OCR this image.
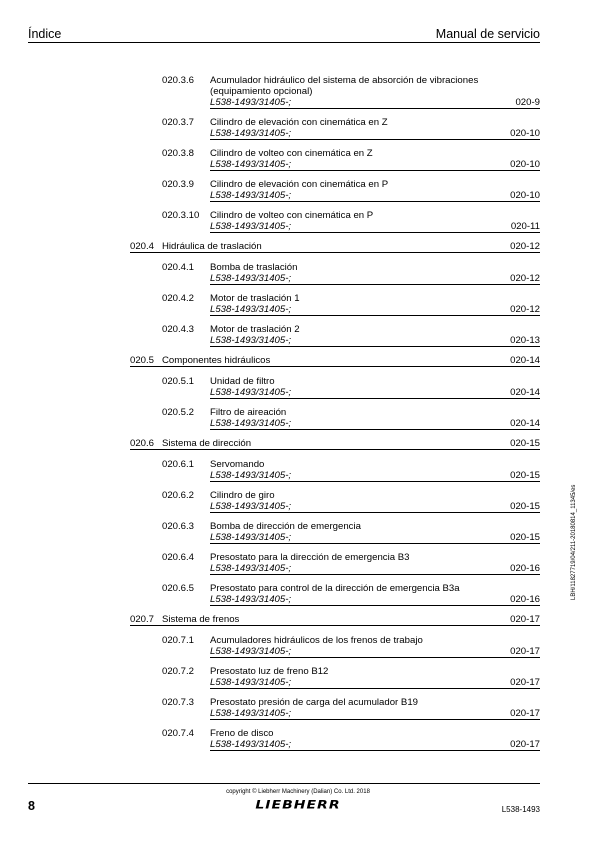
Índice	Manual de servicio
020.3.6 Acumulador hidráulico del sistema de absorción de vibraciones
(equipamiento opcional)
L538-1493/31405-;	020-9
020.3.7 Cilindro de elevación con cinemática en Z
L538-1493/31405-;	020-10
020.3.8 Cilindro de volteo con cinemática en Z
L538-1493/31405-;	020-10
020.3.9 Cilindro de elevación con cinemática en P
L538-1493/31405-;	020-10
020.3.10 Cilindro de volteo con cinemática en P
L538-1493/31405-;	020-11
020.4 Hidráulica de traslación	020-12
020.4.1 Bomba de traslación
L538-1493/31405-;	020-12
020.4.2 Motor de traslación 1
L538-1493/31405-;	020-12
020.4.3 Motor de traslación 2
L538-1493/31405-;	020-13
020.5 Componentes hidráulicos	020-14
020.5.1 Unidad de filtro
L538-1493/31405-;	020-14
020.5.2 Filtro de aireación
L538-1493/31405-;	020-14
020.6 Sistema de dirección	020-15
020.6.1 Servomando
L538-1493/31405-;	020-15
020.6.2 Cilindro de giro
L538-1493/31405-;	020-15
020.6.3 Bomba de dirección de emergencia
L538-1493/31405-;	020-15
020.6.4 Presostato para la dirección de emergencia B3
L538-1493/31405-;	020-16
020.6.5 Presostato para control de la dirección de emergencia B3a
L538-1493/31405-;	020-16
020.7 Sistema de frenos	020-17
020.7.1 Acumuladores hidráulicos de los frenos de trabajo
L538-1493/31405-;	020-17
020.7.2 Presostato luz de freno B12
L538-1493/31405-;	020-17
020.7.3 Presostato presión de carga del acumulador B19
L538-1493/31405-;	020-17
020.7.4 Freno de disco
L538-1493/31405-;	020-17
LBH/11827719/04/211-20180814_11345/es
8
copyright © Liebherr Machinery (Dalian) Co. Ltd. 2018
LIEBHERR	L538-1493
